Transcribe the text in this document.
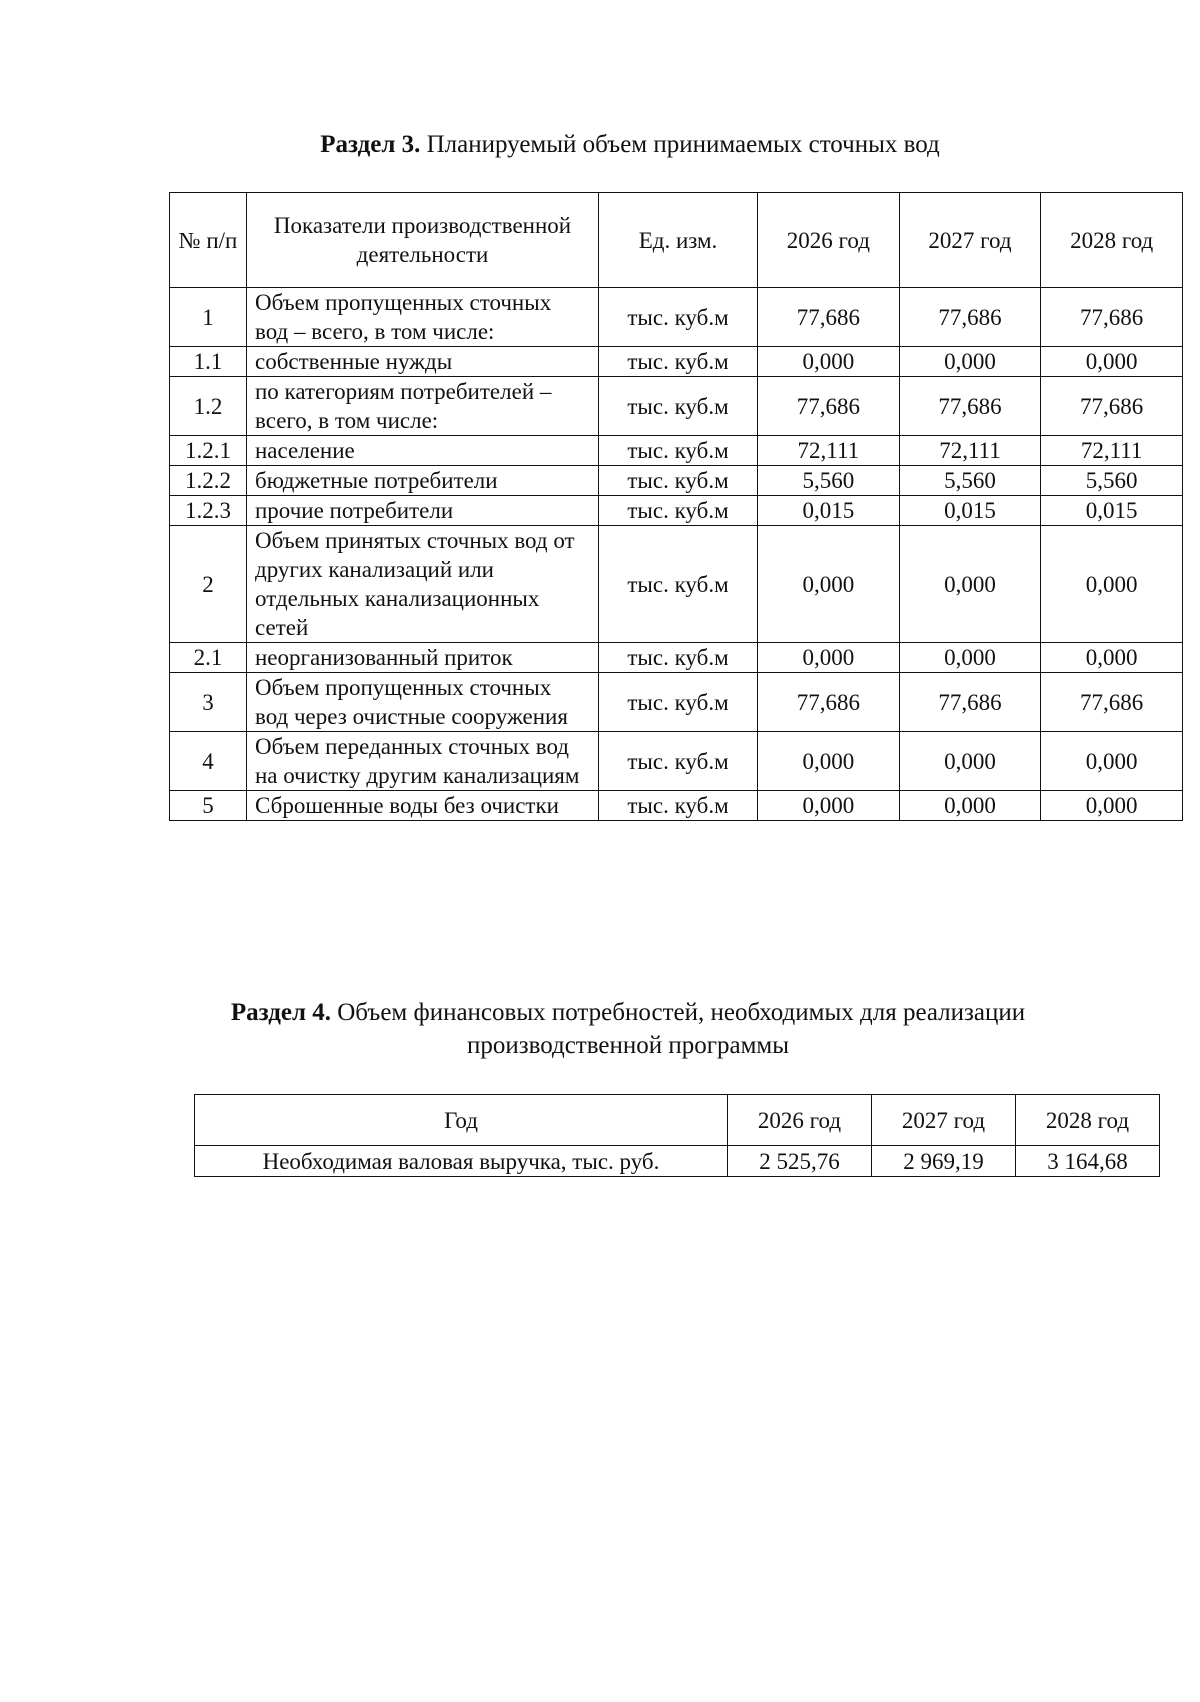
Раздел 3. Планируемый объем принимаемых сточных вод
№ п/п	Показатели производственной деятельности	Ед. изм.	2026 год	2027 год	2028 год
1	Объем пропущенных сточных вод – всего, в том числе:	тыс. куб.м	77,686	77,686	77,686
1.1	собственные нужды	тыс. куб.м	0,000	0,000	0,000
1.2	по категориям потребителей – всего, в том числе:	тыс. куб.м	77,686	77,686	77,686
1.2.1	население	тыс. куб.м	72,111	72,111	72,111
1.2.2	бюджетные потребители	тыс. куб.м	5,560	5,560	5,560
1.2.3	прочие потребители	тыс. куб.м	0,015	0,015	0,015
2	Объем принятых сточных вод от других канализаций или отдельных канализационных сетей	тыс. куб.м	0,000	0,000	0,000
2.1	неорганизованный приток	тыс. куб.м	0,000	0,000	0,000
3	Объем пропущенных сточных вод через очистные сооружения	тыс. куб.м	77,686	77,686	77,686
4	Объем переданных сточных вод на очистку другим канализациям	тыс. куб.м	0,000	0,000	0,000
5	Сброшенные воды без очистки	тыс. куб.м	0,000	0,000	0,000
Раздел 4. Объем финансовых потребностей, необходимых для реализации
производственной программы
Год	2026 год	2027 год	2028 год
Необходимая валовая выручка, тыс. руб.	2 525,76	2 969,19	3 164,68
